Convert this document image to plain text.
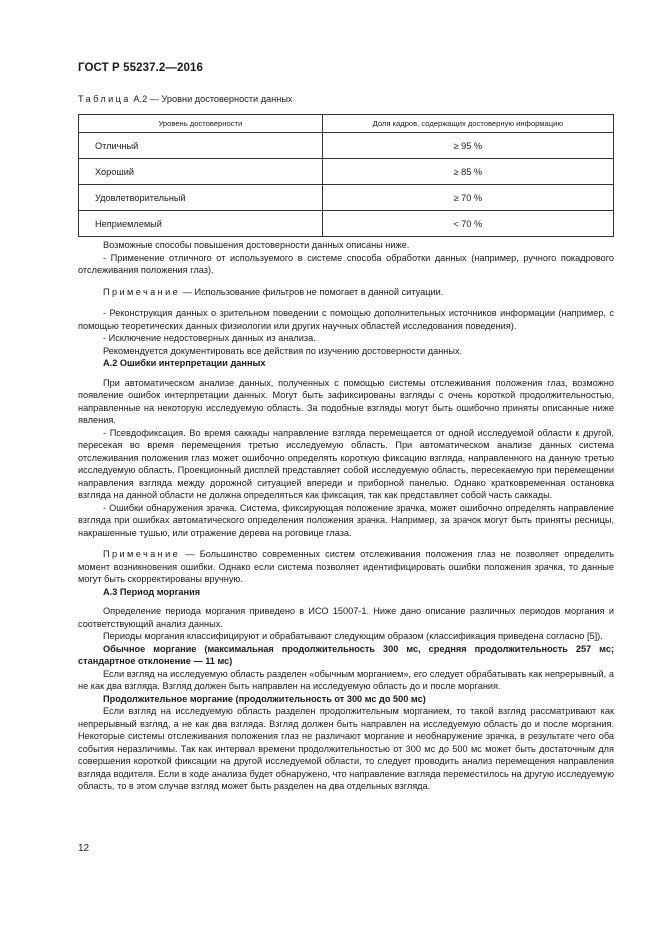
ГОСТ Р 55237.2—2016
Таблица А.2 — Уровни достоверности данных
Уровень достоверности	Доля кадров, содержащих достоверную информацию
Отличный	≥ 95 %
Хороший	≥ 85 %
Удовлетворительный	≥ 70 %
Неприемлемый	< 70 %

Возможные способы повышения достоверности данных описаны ниже.

- Применение отличного от используемого в системе способа обработки данных (например, ручного покадрового отслеживания положения глаз).

Примечание — Использование фильтров не помогает в данной ситуации.

- Реконструкция данных о зрительном поведении с помощью дополнительных источников информации (например, с помощью теоретических данных физиологии или других научных областей исследования поведения).

- Исключение недостоверных данных из анализа.

Рекомендуется документировать все действия по изучению достоверности данных.

А.2 Ошибки интерпретации данных

При автоматическом анализе данных, полученных с помощью системы отслеживания положения глаз, возможно появление ошибок интерпретации данных. Могут быть зафиксированы взгляды с очень короткой продолжительностью, направленные на некоторую исследуемую область. За подобные взгляды могут быть ошибочно приняты описанные ниже явления.

- Псевдофиксация. Во время саккады направление взгляда перемещается от одной исследуемой области к другой, пересекая во время перемещения третью исследуемую область. При автоматическом анализе данных система отслеживания положения глаз может ошибочно определять короткую фиксацию взгляда, направленного на данную третью исследуемую область. Проекционный дисплей представляет собой исследуемую область, пересекаемую при перемещении направления взгляда между дорожной ситуацией впереди и приборной панелью. Однако кратковременная остановка взгляда на данной области не должна определяться как фиксация, так как представляет собой часть саккады.

- Ошибки обнаружения зрачка. Система, фиксирующая положение зрачка, может ошибочно определять направление взгляда при ошибках автоматического определения положения зрачка. Например, за зрачок могут быть приняты ресницы, накрашенные тушью, или отражение дерева на роговице глаза.

Примечание — Большинство современных систем отслеживания положения глаз не позволяет определить момент возникновения ошибки. Однако если система позволяет идентифицировать ошибки положения зрачка, то данные могут быть скорректированы вручную.

А.3 Период моргания

Определение периода моргания приведено в ИСО 15007-1. Ниже дано описание различных периодов моргания и соответствующий анализ данных.

Периоды моргания классифицируют и обрабатывают следующим образом (классификация приведена согласно [5]).

Обычное моргание (максимальная продолжительность 300 мс, средняя продолжительность 257 мс; стандартное отклонение — 11 мс)

Если взгляд на исследуемую область разделен «обычным морганием», его следует обрабатывать как непрерывный, а не как два взгляда. Взгляд должен быть направлен на исследуемую область до и после моргания.

Продолжительное моргание (продолжительность от 300 мс до 500 мс)

Если взгляд на исследуемую область разделен продолжительным морганием, то такой взгляд рассматривают как непрерывный взгляд, а не как два взгляда. Взгляд должен быть направлен на исследуемую область до и после моргания. Некоторые системы отслеживания положения глаз не различают моргание и необнаружение зрачка, в результате чего оба события неразличимы. Так как интервал времени продолжительностью от 300 мс до 500 мс может быть достаточным для совершения короткой фиксации на другой исследуемой области, то следует проводить анализ перемещения направления взгляда водителя. Если в ходе анализа будет обнаружено, что направление взгляда переместилось на другую исследуемую область, то в этом случае взгляд может быть разделен на два отдельных взгляда.

12
